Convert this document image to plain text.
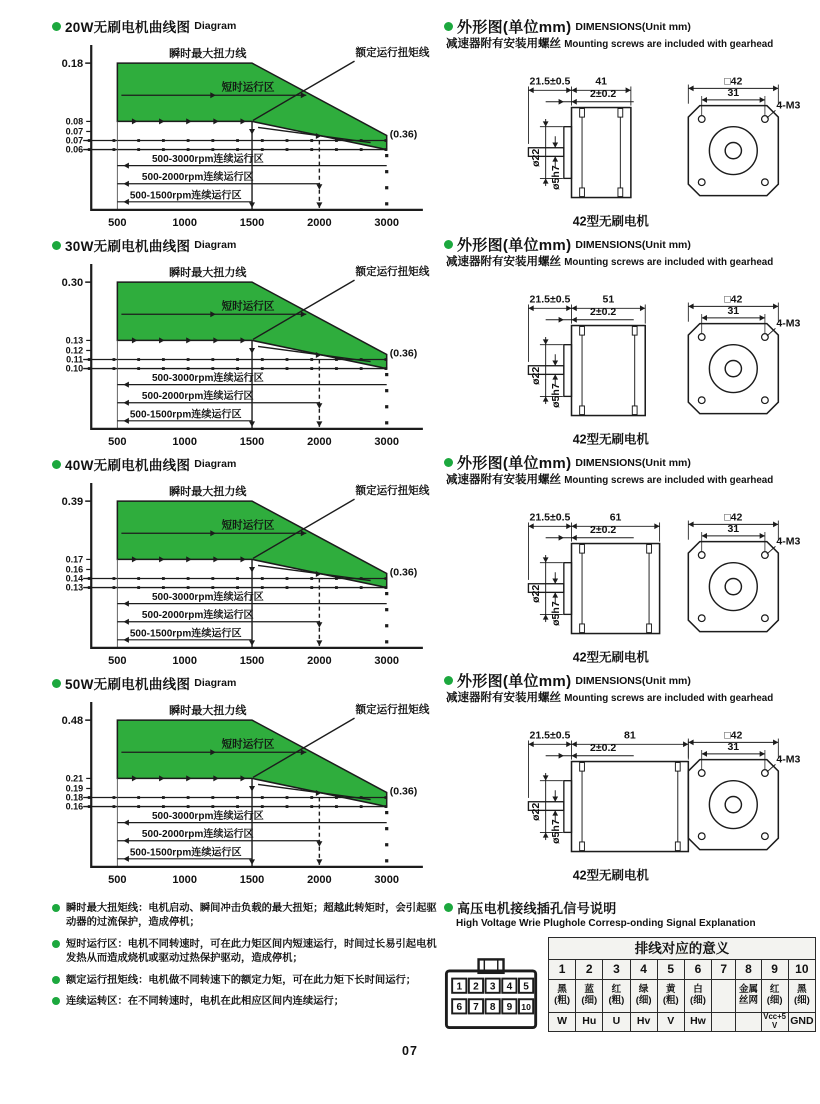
20W无刷电机曲线图 Diagram
瞬时最大扭力线
短时运行区
额定运行扭矩线
(0.36)
0.18
0.08
0.07
0.07
0.06
500-3000rpm连续运行区
500-2000rpm连续运行区
500-1500rpm连续运行区
500	1000	1500	2000	3000
30W无刷电机曲线图 Diagram
瞬时最大扭力线
短时运行区
额定运行扭矩线
(0.36)
0.30
0.13
0.12
0.11
0.10
500-3000rpm连续运行区
500-2000rpm连续运行区
500-1500rpm连续运行区
500	1000	1500	2000	3000
40W无刷电机曲线图 Diagram
瞬时最大扭力线
短时运行区
额定运行扭矩线
(0.36)
0.39
0.17
0.16
0.14
0.13
500-3000rpm连续运行区
500-2000rpm连续运行区
500-1500rpm连续运行区
500	1000	1500	2000	3000
50W无刷电机曲线图 Diagram
瞬时最大扭力线
短时运行区
额定运行扭矩线
(0.36)
0.48
0.21
0.19
0.18
0.16
500-3000rpm连续运行区
500-2000rpm连续运行区
500-1500rpm连续运行区
500	1000	1500	2000	3000
瞬时最大扭矩线：电机启动、瞬间冲击负载的最大扭矩；超越此转矩时，会引起驱动器的过流保护，造成停机；
短时运行区：电机不同转速时，可在此力矩区间内短速运行，时间过长易引起电机发热从而造成烧机或驱动过热保护驱动，造成停机；
额定运行扭矩线：电机做不同转速下的额定力矩，可在此力矩下长时间运行；
连续运转区：在不同转速时，电机在此相应区间内连续运行；
外形图(单位mm) DIMENSIONS(Unit mm)
减速器附有安装用螺丝 Mounting screws are included with gearhead
21.5±0.5 41
2±0.2
ø22
ø5h7
□42
31
4-M3
42型无刷电机
外形图(单位mm) DIMENSIONS(Unit mm)
减速器附有安装用螺丝 Mounting screws are included with gearhead
21.5±0.5	51
2±0.2
ø22
ø5h7
□42
31
4-M3
42型无刷电机
外形图(单位mm) DIMENSIONS(Unit mm)
减速器附有安装用螺丝 Mounting screws are included with gearhead
21.5±0.5	61
2±0.2
ø22
ø5h7
□42
31
4-M3
42型无刷电机
外形图(单位mm) DIMENSIONS(Unit mm)
减速器附有安装用螺丝 Mounting screws are included with gearhead
21.5±0.5	81
2±0.2
ø22
ø5h7
□42
31
4-M3
42型无刷电机
高压电机接线插孔信号说明
High Voltage Wrie Plughole Corresp-onding Signal Explanation
1 2 3 4 5
6 7 8 9 10
排线对应的意义									
1	2	3	4	5	6	7	8	9	10
黑(粗)	蓝(细)	红(粗)	绿(细)	黄(粗)	白(细)		金属丝网	红(细)	黑(细)
W	Hu	U	Hv	V	Hw			Vcc+5V	GND
07
